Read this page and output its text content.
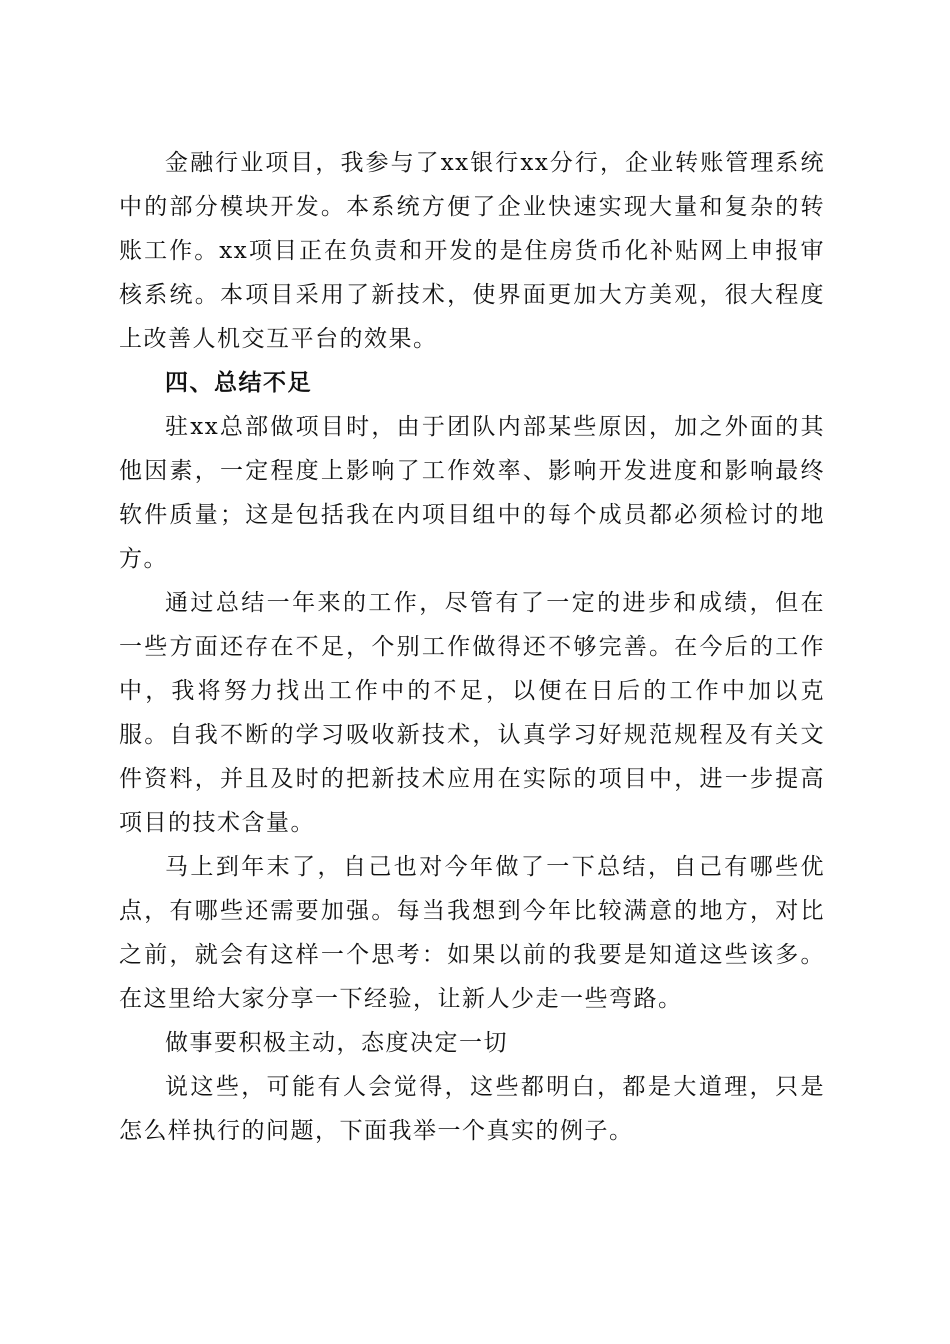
金融行业项目，我参与了xx银行xx分行，企业转账管理系统中的部分模块开发。本系统方便了企业快速实现大量和复杂的转账工作。xx项目正在负责和开发的是住房货币化补贴网上申报审核系统。本项目采用了新技术，使界面更加大方美观，很大程度上改善人机交互平台的效果。

四、总结不足

驻xx总部做项目时，由于团队内部某些原因，加之外面的其他因素，一定程度上影响了工作效率、影响开发进度和影响最终软件质量；这是包括我在内项目组中的每个成员都必须检讨的地方。

通过总结一年来的工作，尽管有了一定的进步和成绩，但在一些方面还存在不足，个别工作做得还不够完善。在今后的工作中，我将努力找出工作中的不足，以便在日后的工作中加以克服。自我不断的学习吸收新技术，认真学习好规范规程及有关文件资料，并且及时的把新技术应用在实际的项目中，进一步提高项目的技术含量。

马上到年末了，自己也对今年做了一下总结，自己有哪些优点，有哪些还需要加强。每当我想到今年比较满意的地方，对比之前，就会有这样一个思考：如果以前的我要是知道这些该多。在这里给大家分享一下经验，让新人少走一些弯路。

做事要积极主动，态度决定一切

说这些，可能有人会觉得，这些都明白，都是大道理，只是怎么样执行的问题，下面我举一个真实的例子。
